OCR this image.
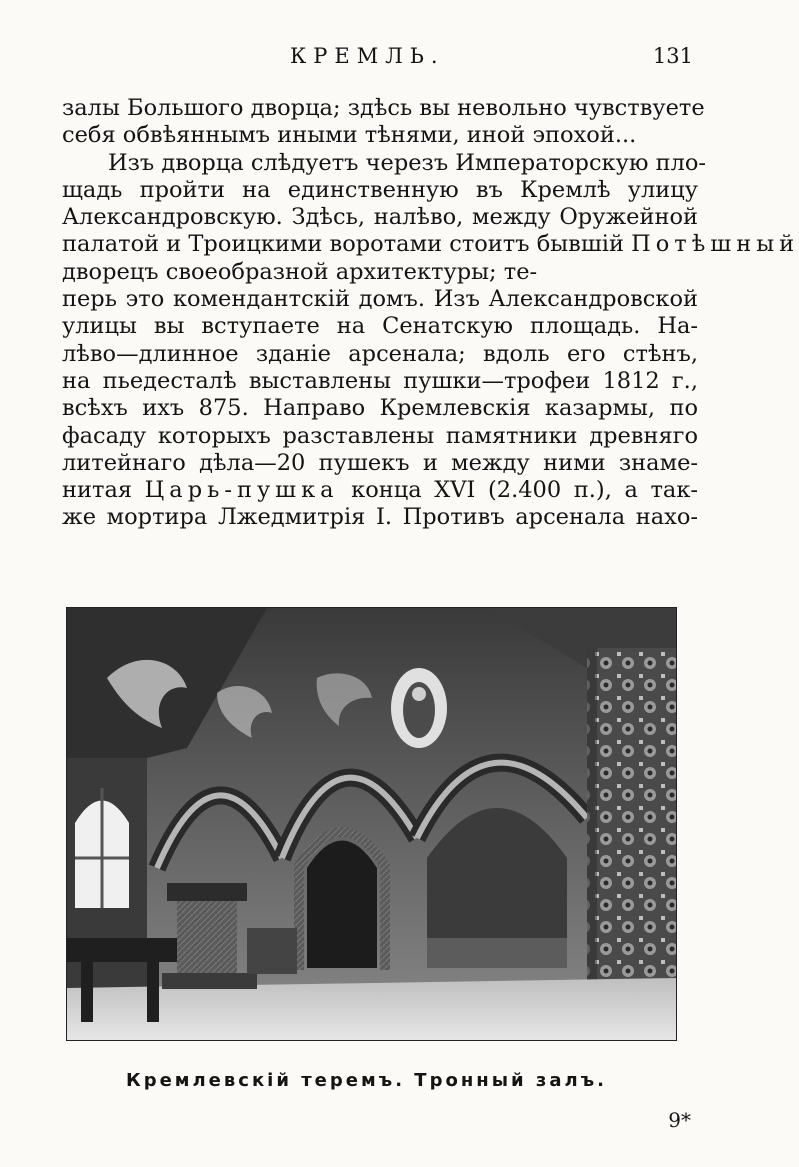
КРЕМЛЬ.	131
залы Большого дворца; здѣсь вы невольно чувствуете
себя обвѣяннымъ иными тѣнями, иной эпохой...
Изъ дворца слѣдуетъ черезъ Императорскую пло-
щадь пройти на единственную въ Кремлѣ улицу
Александровскую. Здѣсь, налѣво, между Оружейной
палатой и Троицкими воротами стоитъ бывшій Потѣшный
дворецъ своеобразной архитектуры; те-
перь это комендантскій домъ. Изъ Александровской
улицы вы вступаете на Сенатскую площадь. На-
лѣво—длинное зданіе арсенала; вдоль его стѣнъ,
на пьедесталѣ выставлены пушки—трофеи 1812 г.,
всѣхъ ихъ 875. Направо Кремлевскія казармы, по
фасаду которыхъ разставлены памятники древняго
литейнаго дѣла—20 пушекъ и между ними знаме-
нитая Царь-пушка конца XVI (2.400 п.), а так-
же мортира Лжедмитрія I. Противъ арсенала нахо-
Кремлевскій теремъ. Тронный залъ.
9*
